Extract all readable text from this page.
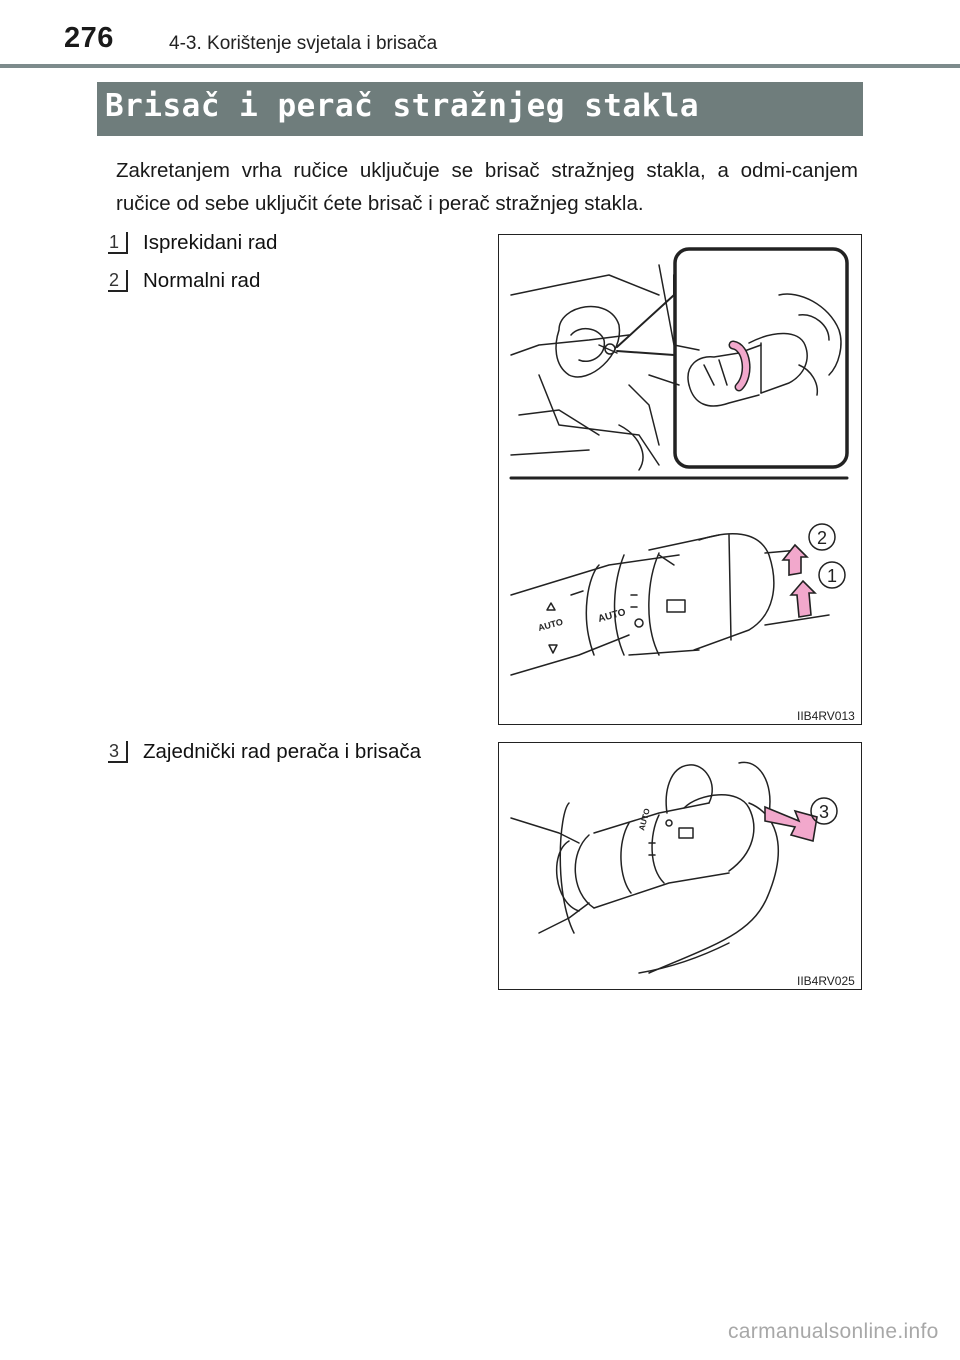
276	4-3. Korištenje svjetala i brisača
Brisač i perač stražnjeg stakla
Zakretanjem vrha ručice uključuje se brisač stražnjeg stakla, a odmi-canjem ručice od sebe uključit ćete brisač i perač stražnjeg stakla.
1	Isprekidani rad
2	Normalni rad
3	Zajednički rad perača i brisača
2
1
AUTO
AUTO
IIB4RV013
3
AUTO
IIB4RV025
carmanualsonline.info
